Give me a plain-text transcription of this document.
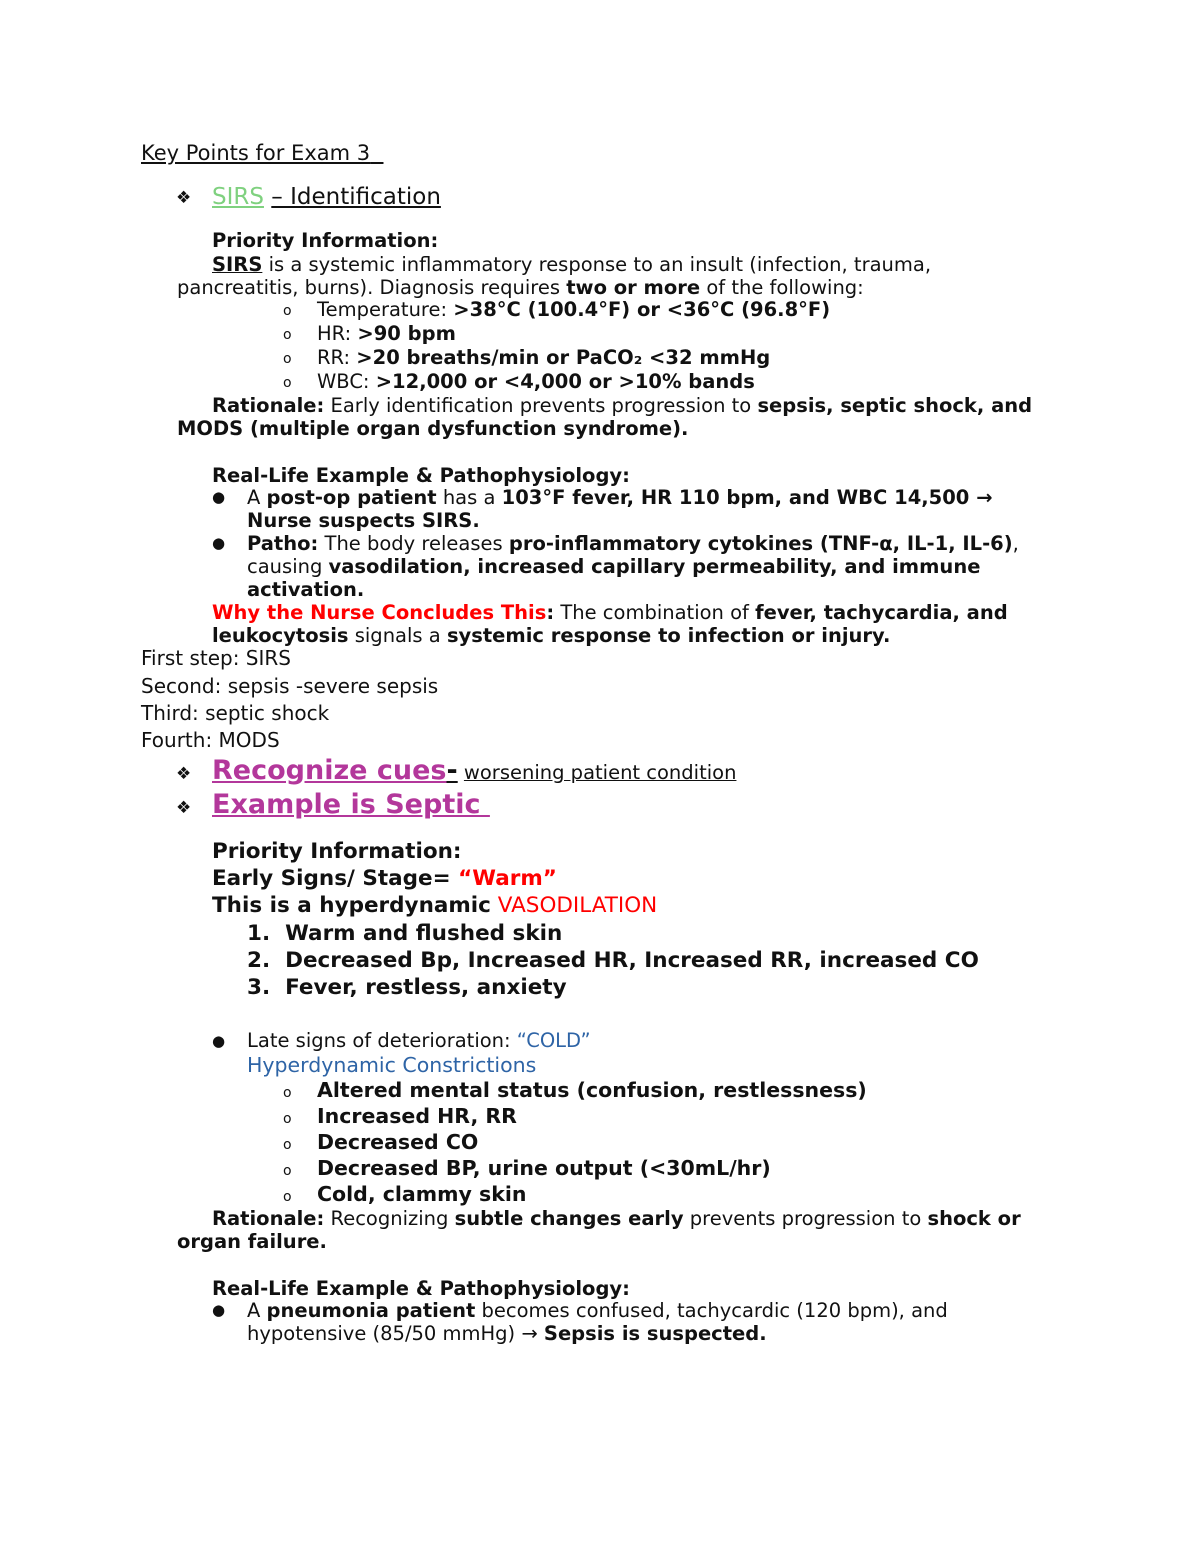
Key Points for Exam 3
❖ SIRS – Identification
Priority Information:
SIRS is a systemic inflammatory response to an insult (infection, trauma,
pancreatitis, burns). Diagnosis requires two or more of the following:
o Temperature: >38°C (100.4°F) or <36°C (96.8°F)
o HR: >90 bpm
o RR: >20 breaths/min or PaCO₂ <32 mmHg
o WBC: >12,000 or <4,000 or >10% bands
Rationale: Early identification prevents progression to sepsis, septic shock, and
MODS (multiple organ dysfunction syndrome).
Real-Life Example & Pathophysiology:
● A post-op patient has a 103°F fever, HR 110 bpm, and WBC 14,500 →
Nurse suspects SIRS.
● Patho: The body releases pro-inflammatory cytokines (TNF-α, IL-1, IL-6),
causing vasodilation, increased capillary permeability, and immune
activation.
Why the Nurse Concludes This: The combination of fever, tachycardia, and
leukocytosis signals a systemic response to infection or injury.
First step: SIRS
Second: sepsis -severe sepsis
Third: septic shock
Fourth: MODS
❖ Recognize cues- worsening patient condition
❖ Example is Septic
Priority Information:
Early Signs/ Stage= “Warm”
This is a hyperdynamic VASODILATION
1.  Warm and flushed skin
2.  Decreased Bp, Increased HR, Increased RR, increased CO
3.  Fever, restless, anxiety
● Late signs of deterioration: “COLD”
Hyperdynamic Constrictions
o Altered mental status (confusion, restlessness)
o Increased HR, RR
o Decreased CO
o Decreased BP, urine output (<30mL/hr)
o Cold, clammy skin
Rationale: Recognizing subtle changes early prevents progression to shock or
organ failure.
Real-Life Example & Pathophysiology:
● A pneumonia patient becomes confused, tachycardic (120 bpm), and
hypotensive (85/50 mmHg) → Sepsis is suspected.
